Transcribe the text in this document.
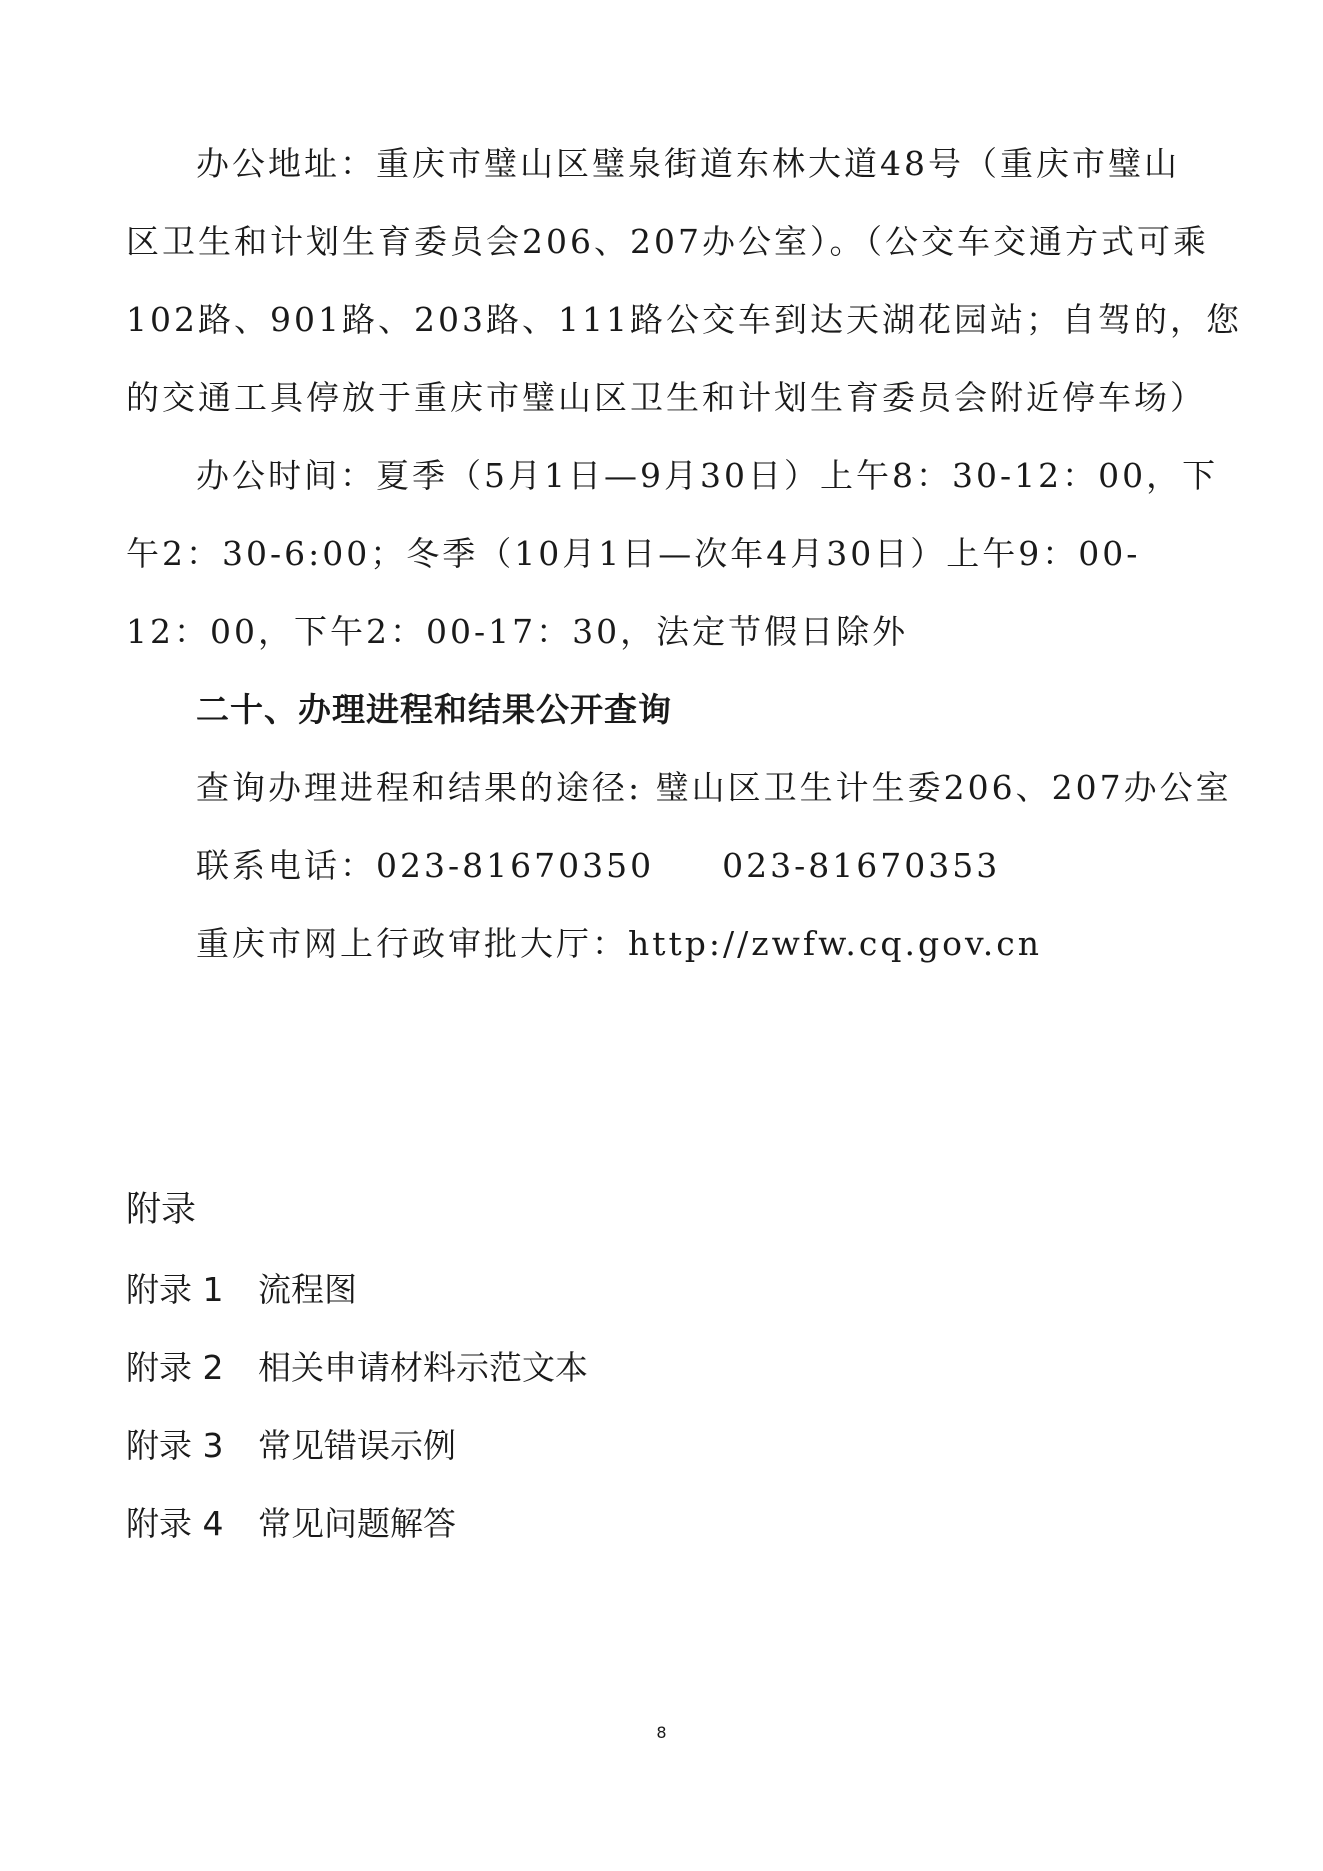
办公地址：重庆市璧山区璧泉街道东林大道48号（重庆市璧山
区卫生和计划生育委员会206、207办公室）。（公交车交通方式可乘
102路、901路、203路、111路公交车到达天湖花园站；自驾的，您
的交通工具停放于重庆市璧山区卫生和计划生育委员会附近停车场）
办公时间：夏季（5月1日—9月30日）上午8：30-12：00，下
午2：30-6:00；冬季（10月1日—次年4月30日）上午9：00-
12：00，下午2：00-17：30，法定节假日除外
二十、办理进程和结果公开查询
查询办理进程和结果的途径: 璧山区卫生计生委206、207办公室
联系电话：023-81670350 023-81670353
重庆市网上行政审批大厅：http://zwfw.cq.gov.cn
附录
附录 1 流程图
附录 2 相关申请材料示范文本
附录 3 常见错误示例
附录 4 常见问题解答
8
